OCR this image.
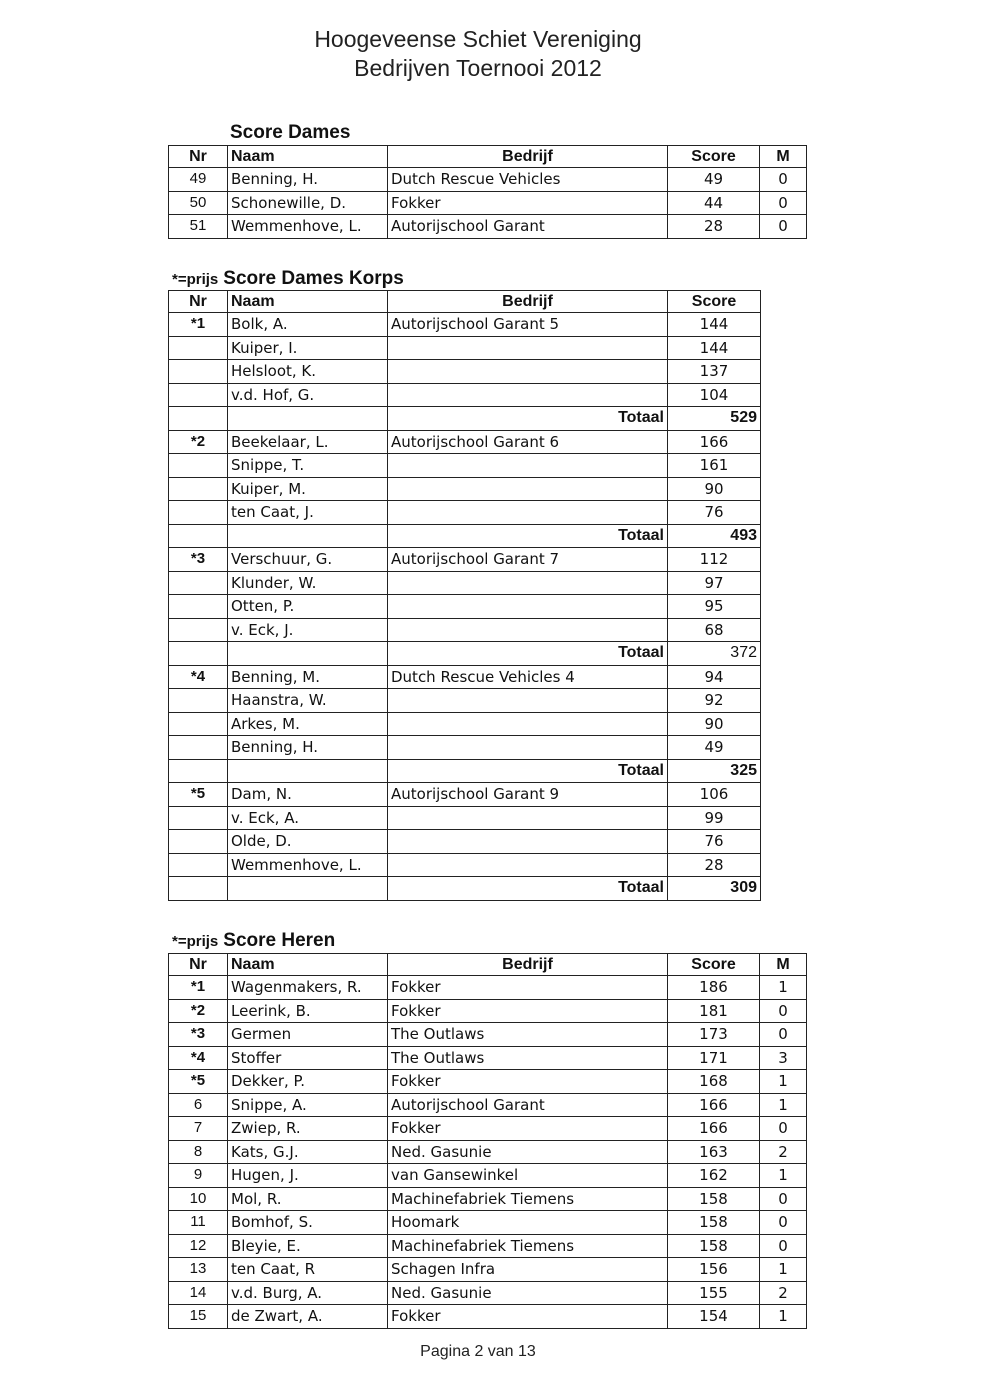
Hoogeveense Schiet Vereniging
Bedrijven Toernooi 2012
Score Dames
Nr	Naam	Bedrijf	Score	M
49	Benning, H.	Dutch Rescue Vehicles	49	0
50	Schonewille, D.	Fokker	44	0
51	Wemmenhove, L.	Autorijschool Garant	28	0
*=prijs Score Dames Korps
Nr	Naam	Bedrijf	Score
*1	Bolk, A.	Autorijschool Garant 5	144
	Kuiper, I.		144
	Helsloot, K.		137
	v.d. Hof, G.		104
		Totaal	529
*2	Beekelaar, L.	Autorijschool Garant 6	166
	Snippe, T.		161
	Kuiper, M.		90
	ten Caat, J.		76
		Totaal	493
*3	Verschuur, G.	Autorijschool Garant 7	112
	Klunder, W.		97
	Otten, P.		95
	v. Eck, J.		68
		Totaal	372
*4	Benning, M.	Dutch Rescue Vehicles 4	94
	Haanstra, W.		92
	Arkes, M.		90
	Benning, H.		49
		Totaal	325
*5	Dam, N.	Autorijschool Garant 9	106
	v. Eck, A.		99
	Olde, D.		76
	Wemmenhove, L.		28
		Totaal	309
*=prijs Score Heren
Nr	Naam	Bedrijf	Score	M
*1	Wagenmakers, R.	Fokker	186	1
*2	Leerink, B.	Fokker	181	0
*3	Germen	The Outlaws	173	0
*4	Stoffer	The Outlaws	171	3
*5	Dekker, P.	Fokker	168	1
6	Snippe, A.	Autorijschool Garant	166	1
7	Zwiep, R.	Fokker	166	0
8	Kats, G.J.	Ned. Gasunie	163	2
9	Hugen, J.	van Gansewinkel	162	1
10	Mol, R.	Machinefabriek Tiemens	158	0
11	Bomhof, S.	Hoomark	158	0
12	Bleyie, E.	Machinefabriek Tiemens	158	0
13	ten Caat, R	Schagen Infra	156	1
14	v.d. Burg, A.	Ned. Gasunie	155	2
15	de Zwart, A.	Fokker	154	1
Pagina 2 van 13
